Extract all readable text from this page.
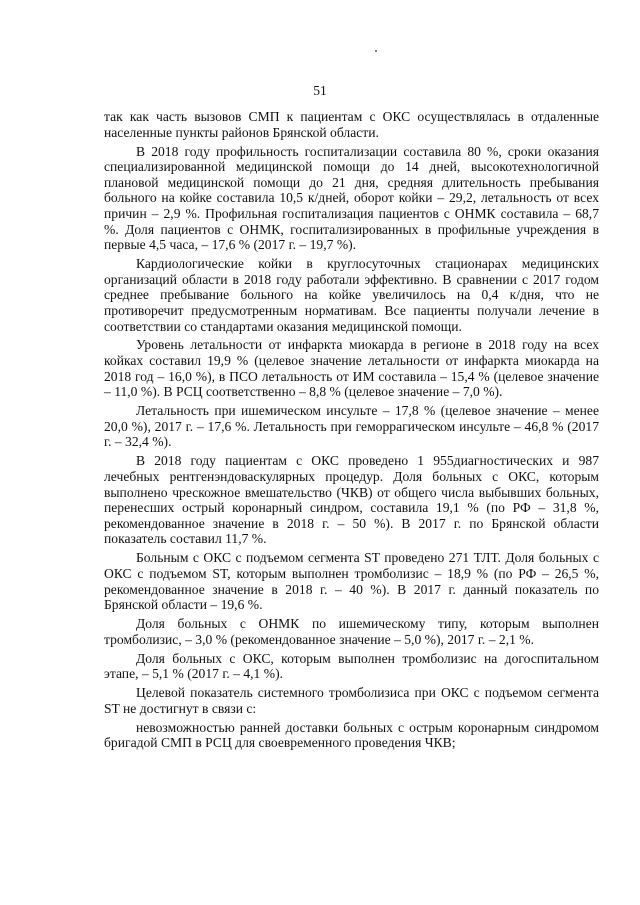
51

так как часть вызовов СМП к пациентам с ОКС осуществлялась в отдаленные населенные пункты районов Брянской области.

В 2018 году профильность госпитализации составила 80 %, сроки оказания специализированной медицинской помощи до 14 дней, высокотехнологичной плановой медицинской помощи до 21 дня, средняя длительность пребывания больного на койке составила 10,5 к/дней, оборот койки – 29,2, летальность от всех причин – 2,9 %. Профильная госпитализация пациентов с ОНМК составила – 68,7 %. Доля пациентов с ОНМК, госпитализированных в профильные учреждения в первые 4,5 часа, – 17,6 % (2017 г. – 19,7 %).

Кардиологические койки в круглосуточных стационарах медицинских организаций области в 2018 году работали эффективно. В сравнении с 2017 годом среднее пребывание больного на койке увеличилось на 0,4 к/дня, что не противоречит предусмотренным нормативам. Все пациенты получали лечение в соответствии со стандартами оказания медицинской помощи.

Уровень летальности от инфаркта миокарда в регионе в 2018 году на всех койках составил 19,9 % (целевое значение летальности от инфаркта миокарда на 2018 год – 16,0 %), в ПСО летальность от ИМ составила – 15,4 % (целевое значение – 11,0 %). В РСЦ соответственно – 8,8 % (целевое значение – 7,0 %).

Летальность при ишемическом инсульте – 17,8 % (целевое значение – менее 20,0 %), 2017 г. – 17,6 %. Летальность при геморрагическом инсульте – 46,8 % (2017 г. – 32,4 %).

В 2018 году пациентам с ОКС проведено 1 955диагностических и 987 лечебных рентгенэндоваскулярных процедур. Доля больных с ОКС, которым выполнено чрескожное вмешательство (ЧКВ) от общего числа выбывших больных, перенесших острый коронарный синдром, составила 19,1 % (по РФ – 31,8 %, рекомендованное значение в 2018 г. – 50 %). В 2017 г. по Брянской области показатель составил 11,7 %.

Больным с ОКС с подъемом сегмента ST проведено 271 ТЛТ. Доля больных с ОКС с подъемом ST, которым выполнен тромболизис – 18,9 % (по РФ – 26,5 %, рекомендованное значение в 2018 г. – 40 %). В 2017 г. данный показатель по Брянской области – 19,6 %.

Доля больных с ОНМК по ишемическому типу, которым выполнен тромболизис, – 3,0 % (рекомендованное значение – 5,0 %), 2017 г. – 2,1 %.

Доля больных с ОКС, которым выполнен тромболизис на догоспитальном этапе, – 5,1 % (2017 г. – 4,1 %).

Целевой показатель системного тромболизиса при ОКС с подъемом сегмента ST не достигнут в связи с:

невозможностью ранней доставки больных с острым коронарным синдромом бригадой СМП в РСЦ для своевременного проведения ЧКВ;
